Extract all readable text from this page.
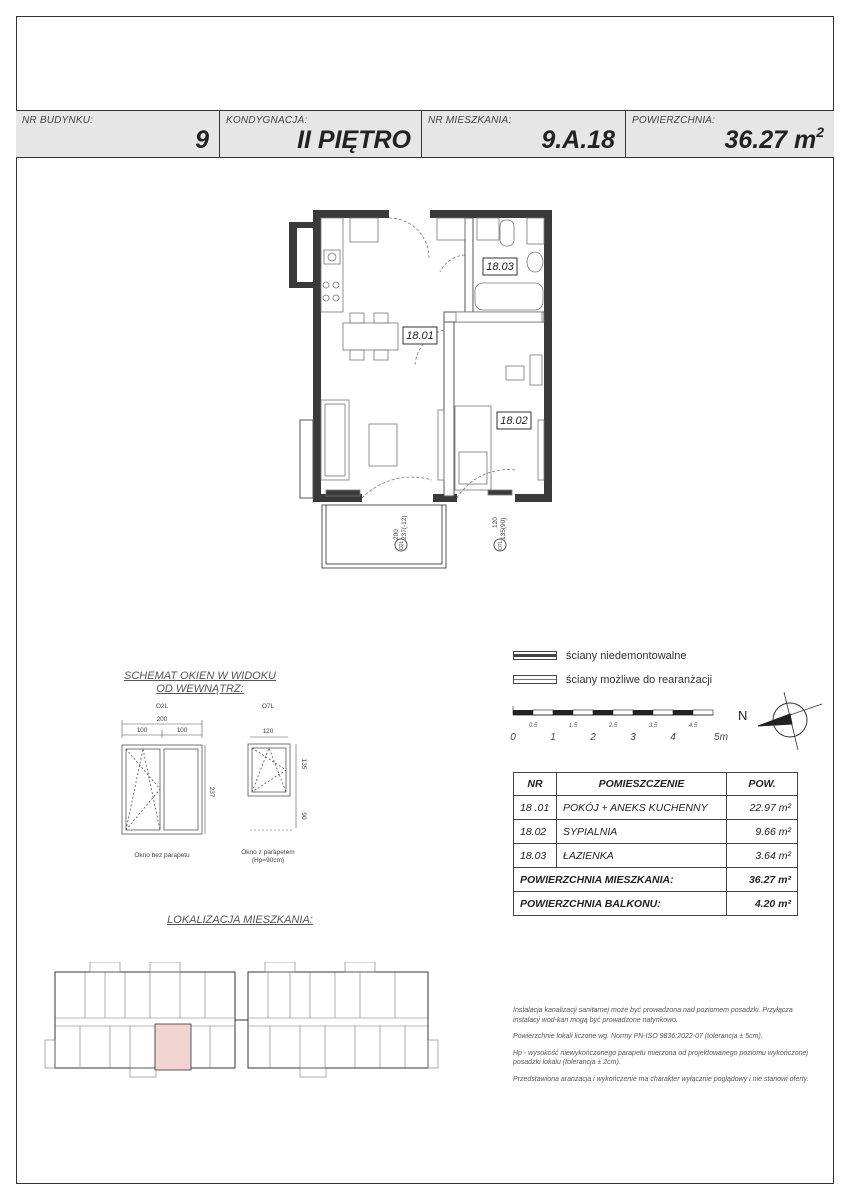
NR BUDYNKU:
9
KONDYGNACJA:
II PIĘTRO
NR MIESZKANIA:
9.A.18
POWIERZCHNIA:
36.27 $m^2$
18.01
18.02
18.03
200 237(-12)
O2L
120 135(90)
O7L
ściany niedemontowalne
ściany możliwe do rearanżacji
0.5	1.5	2.5	3.5	4.5
0	1	2	3	4	5m
N
SCHEMAT OKIEN W WIDOKU
OD WEWNĄTRZ:
O2L
200
100	100
237
Okno bez parapetu
O7L
120
135
90
Okno z parapetem
(Hp=90cm)
LOKALIZACJA MIESZKANIA:
NR	POMIESZCZENIE	POW.
18 .01	POKÓJ + ANEKS KUCHENNY	22.97 m²
18.02	SYPIALNIA	9.66 m²
18.03	ŁAZIENKA	3.64 m²
POWIERZCHNIA MIESZKANIA:		36.27 m²
POWIERZCHNIA BALKONU:		4.20 m²

Instalacja kanalizacji sanitarnej może być prowadzona nad poziomem posadzki. Przyłącza instalacji wod-kan mogą być prowadzone natynkowo.

Powierzchnie lokali liczone wg. Normy PN-ISO 9836:2022-07 (tolerancja ± 5cm).

Hp - wysokość niewykończonego parapetu mierzona od projektowanego poziomu wykończonej posadzki lokalu (tolerancja ± 2cm).

Przedstawiona aranżacja i wykończenie ma charakter wyłącznie poglądowy i nie stanowi oferty.
